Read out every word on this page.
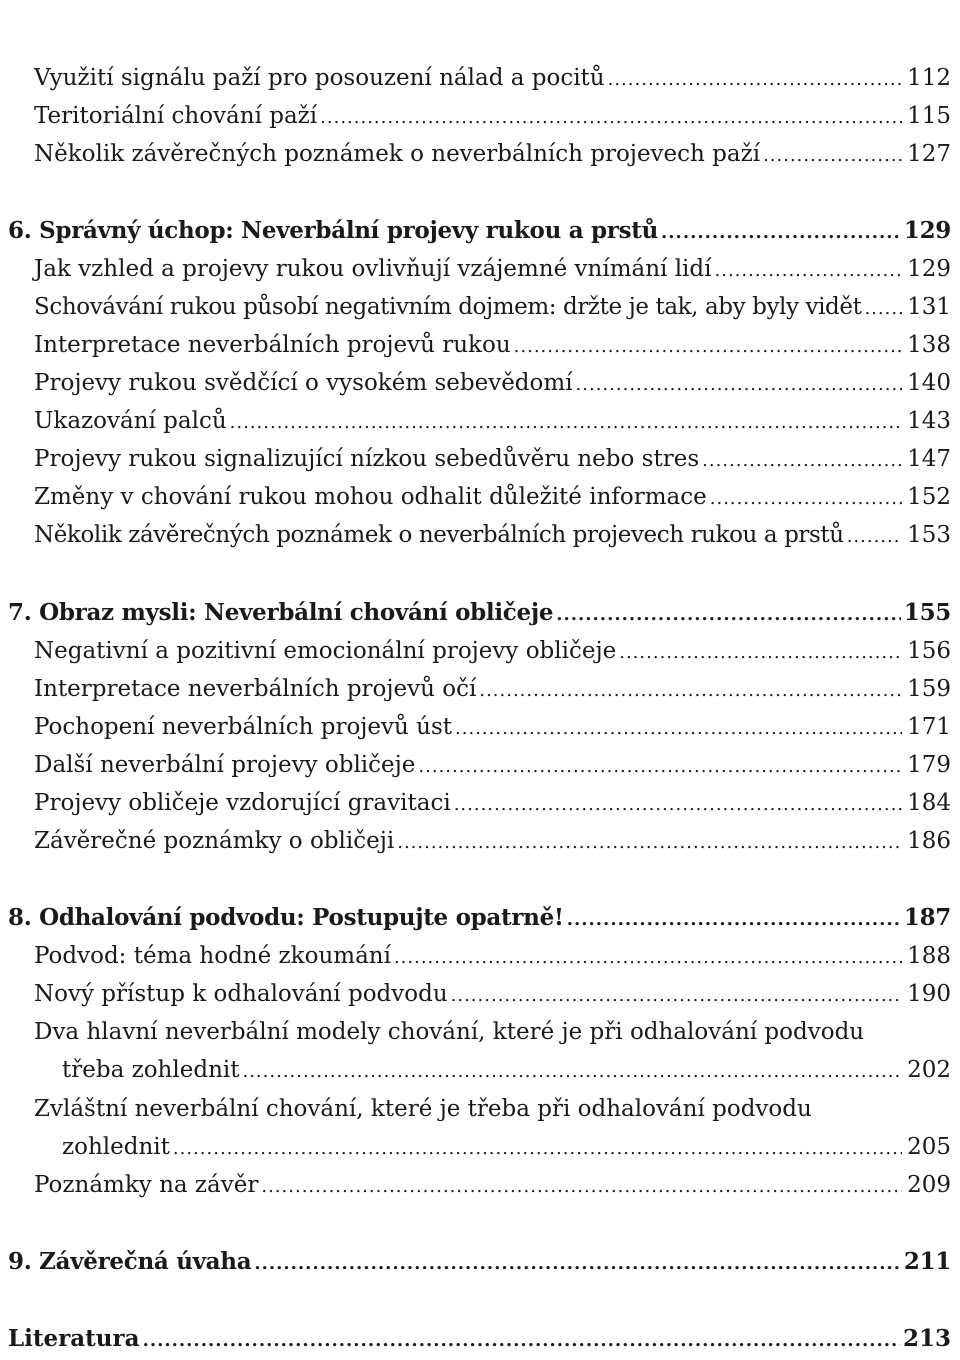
Využití signálu paží pro posouzení nálad a pocitů .....	112
Teritoriální chování paží .....	115
Několik závěrečných poznámek o neverbálních projevech paží .....	127
6. Správný úchop: Neverbální projevy rukou a prstů .....	129
Jak vzhled a projevy rukou ovlivňují vzájemné vnímání lidí .....	129
Schovávání rukou působí negativním dojmem: držte je tak, aby byly vidět ..... 131
Interpretace neverbálních projevů rukou .....	138
Projevy rukou svědčící o vysokém sebevědomí .....	140
Ukazování palců .....	143
Projevy rukou signalizující nízkou sebedůvěru nebo stres .....	147
Změny v chování rukou mohou odhalit důležité informace .....	152
Několik závěrečných poznámek o neverbálních projevech rukou a prstů .....	153
7. Obraz mysli: Neverbální chování obličeje .....	155
Negativní a pozitivní emocionální projevy obličeje .....	156
Interpretace neverbálních projevů očí .....	159
Pochopení neverbálních projevů úst .....	171
Další neverbální projevy obličeje .....	179
Projevy obličeje vzdorující gravitaci .....	184
Závěrečné poznámky o obličeji .....	186
8. Odhalování podvodu: Postupujte opatrně! .....	187
Podvod: téma hodné zkoumání .....	188
Nový přístup k odhalování podvodu .....	190
Dva hlavní neverbální modely chování, které je při odhalování podvodu
třeba zohlednit .....	202
Zvláštní neverbální chování, které je třeba při odhalování podvodu
zohlednit .....	205
Poznámky na závěr .....	209
9. Závěrečná úvaha .....	211
Literatura .....	213
